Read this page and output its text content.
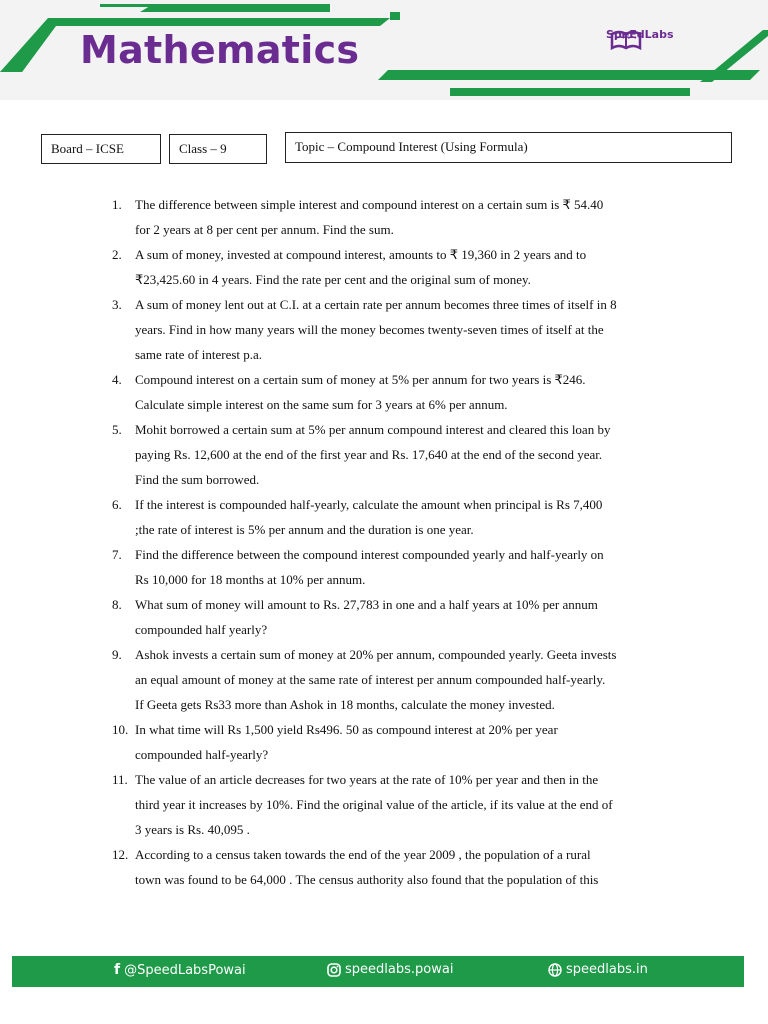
Mathematics	SpeEdLabs
Board – ICSE	Class – 9	Topic – Compound Interest (Using Formula)
1.	The difference between simple interest and compound interest on a certain sum is ₹ 54.40
for 2 years at 8 per cent per annum. Find the sum.
2.	A sum of money, invested at compound interest, amounts to ₹ 19,360 in 2 years and to
₹23,425.60 in 4 years. Find the rate per cent and the original sum of money.
3.	A sum of money lent out at C.I. at a certain rate per annum becomes three times of itself in 8
years. Find in how many years will the money becomes twenty-seven times of itself at the
same rate of interest p.a.
4.	Compound interest on a certain sum of money at 5% per annum for two years is ₹246.
Calculate simple interest on the same sum for 3 years at 6% per annum.
5.	Mohit borrowed a certain sum at 5% per annum compound interest and cleared this loan by
paying Rs. 12,600 at the end of the first year and Rs. 17,640 at the end of the second year.
Find the sum borrowed.
6.	If the interest is compounded half-yearly, calculate the amount when principal is Rs 7,400
;the rate of interest is 5% per annum and the duration is one year.
7.	Find the difference between the compound interest compounded yearly and half-yearly on
Rs 10,000 for 18 months at 10% per annum.
8.	What sum of money will amount to Rs. 27,783 in one and a half years at 10% per annum
compounded half yearly?
9.	Ashok invests a certain sum of money at 20% per annum, compounded yearly. Geeta invests
an equal amount of money at the same rate of interest per annum compounded half-yearly.
If Geeta gets Rs33 more than Ashok in 18 months, calculate the money invested.
10. In what time will Rs 1,500 yield Rs496. 50 as compound interest at 20% per year
compounded half-yearly?
11. The value of an article decreases for two years at the rate of 10% per year and then in the
third year it increases by 10%. Find the original value of the article, if its value at the end of
3 years is Rs. 40,095 .
12. According to a census taken towards the end of the year 2009 , the population of a rural
town was found to be 64,000 . The census authority also found that the population of this
f @SpeedLabsPowai	speedlabs.powai	speedlabs.in
